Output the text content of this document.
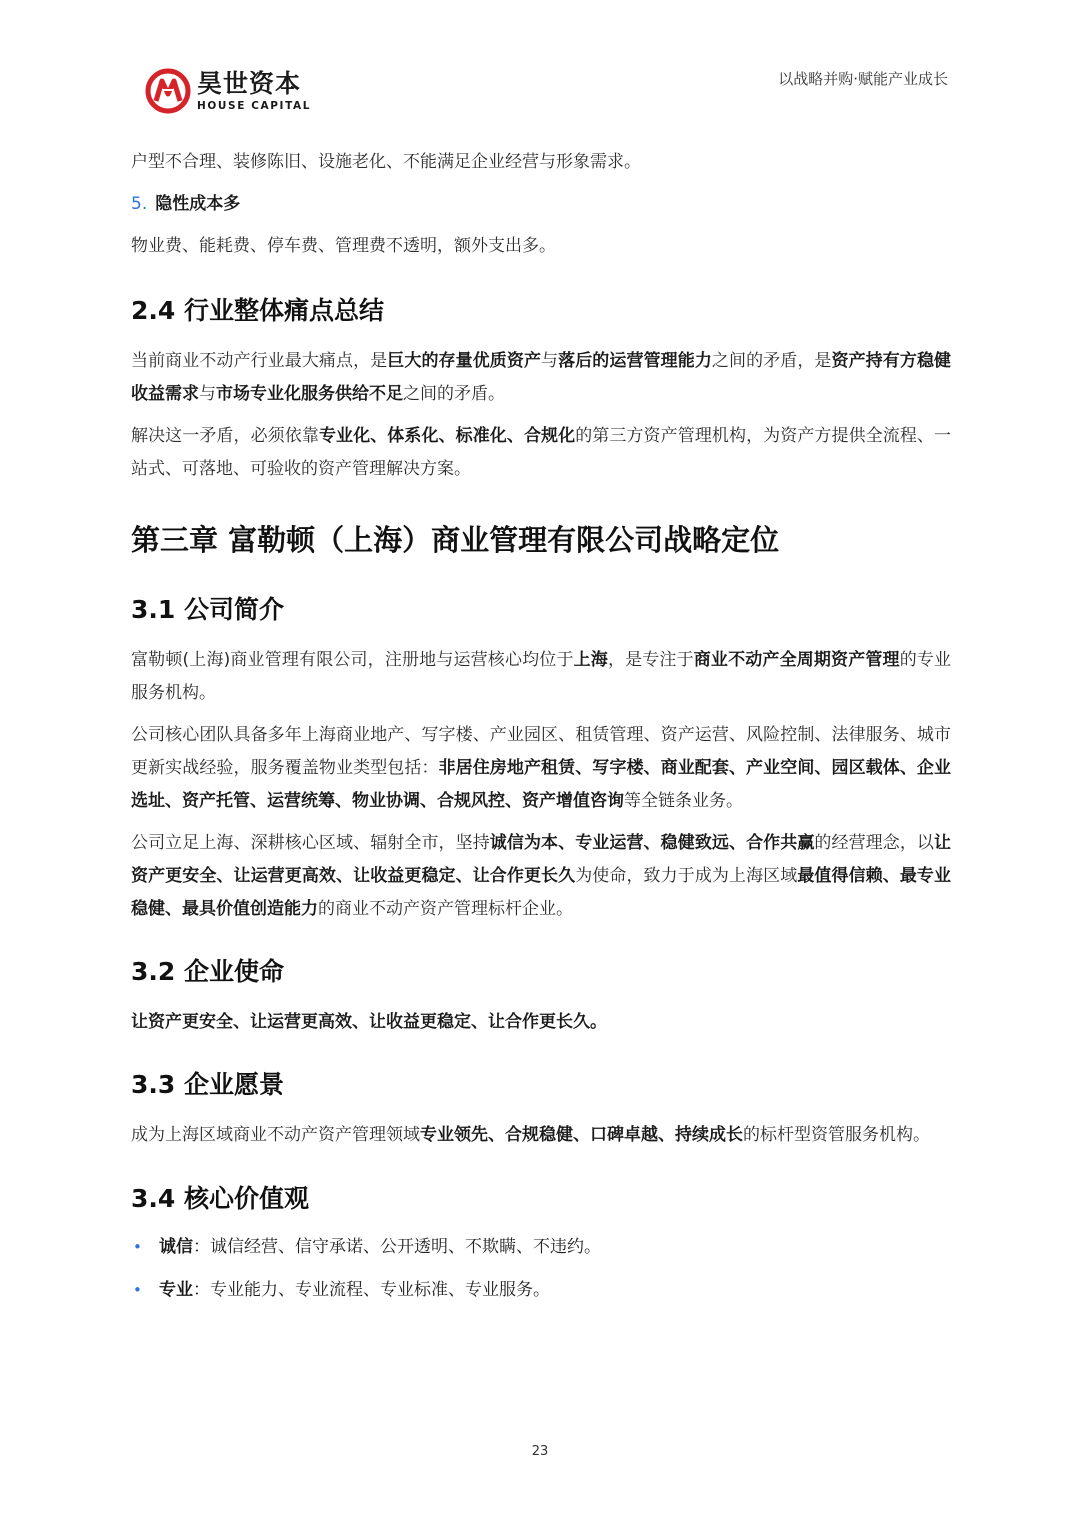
昊世资本
HOUSE CAPITAL
以战略并购·赋能产业成长

户型不合理、装修陈旧、设施老化、不能满足企业经营与形象需求。

5. 隐性成本多

物业费、能耗费、停车费、管理费不透明，额外支出多。

2.4 行业整体痛点总结

当前商业不动产行业最大痛点，是巨大的存量优质资产与落后的运营管理能力之间的矛盾，是资产持有方稳健收益需求与市场专业化服务供给不足之间的矛盾。

解决这一矛盾，必须依靠专业化、体系化、标准化、合规化的第三方资产管理机构，为资产方提供全流程、一站式、可落地、可验收的资产管理解决方案。

第三章 富勒顿（上海）商业管理有限公司战略定位
3.1 公司简介

富勒顿(上海)商业管理有限公司，注册地与运营核心均位于上海，是专注于商业不动产全周期资产管理的专业服务机构。

公司核心团队具备多年上海商业地产、写字楼、产业园区、租赁管理、资产运营、风险控制、法律服务、城市更新实战经验，服务覆盖物业类型包括：非居住房地产租赁、写字楼、商业配套、产业空间、园区载体、企业选址、资产托管、运营统筹、物业协调、合规风控、资产增值咨询等全链条业务。

公司立足上海、深耕核心区域、辐射全市，坚持诚信为本、专业运营、稳健致远、合作共赢的经营理念，以让资产更安全、让运营更高效、让收益更稳定、让合作更长久为使命，致力于成为上海区域最值得信赖、最专业稳健、最具价值创造能力的商业不动产资产管理标杆企业。

3.2 企业使命

让资产更安全、让运营更高效、让收益更稳定、让合作更长久。

3.3 企业愿景

成为上海区域商业不动产资产管理领域专业领先、合规稳健、口碑卓越、持续成长的标杆型资管服务机构。

3.4 核心价值观
• 诚信：诚信经营、信守承诺、公开透明、不欺瞒、不违约。
• 专业：专业能力、专业流程、专业标准、专业服务。
23
